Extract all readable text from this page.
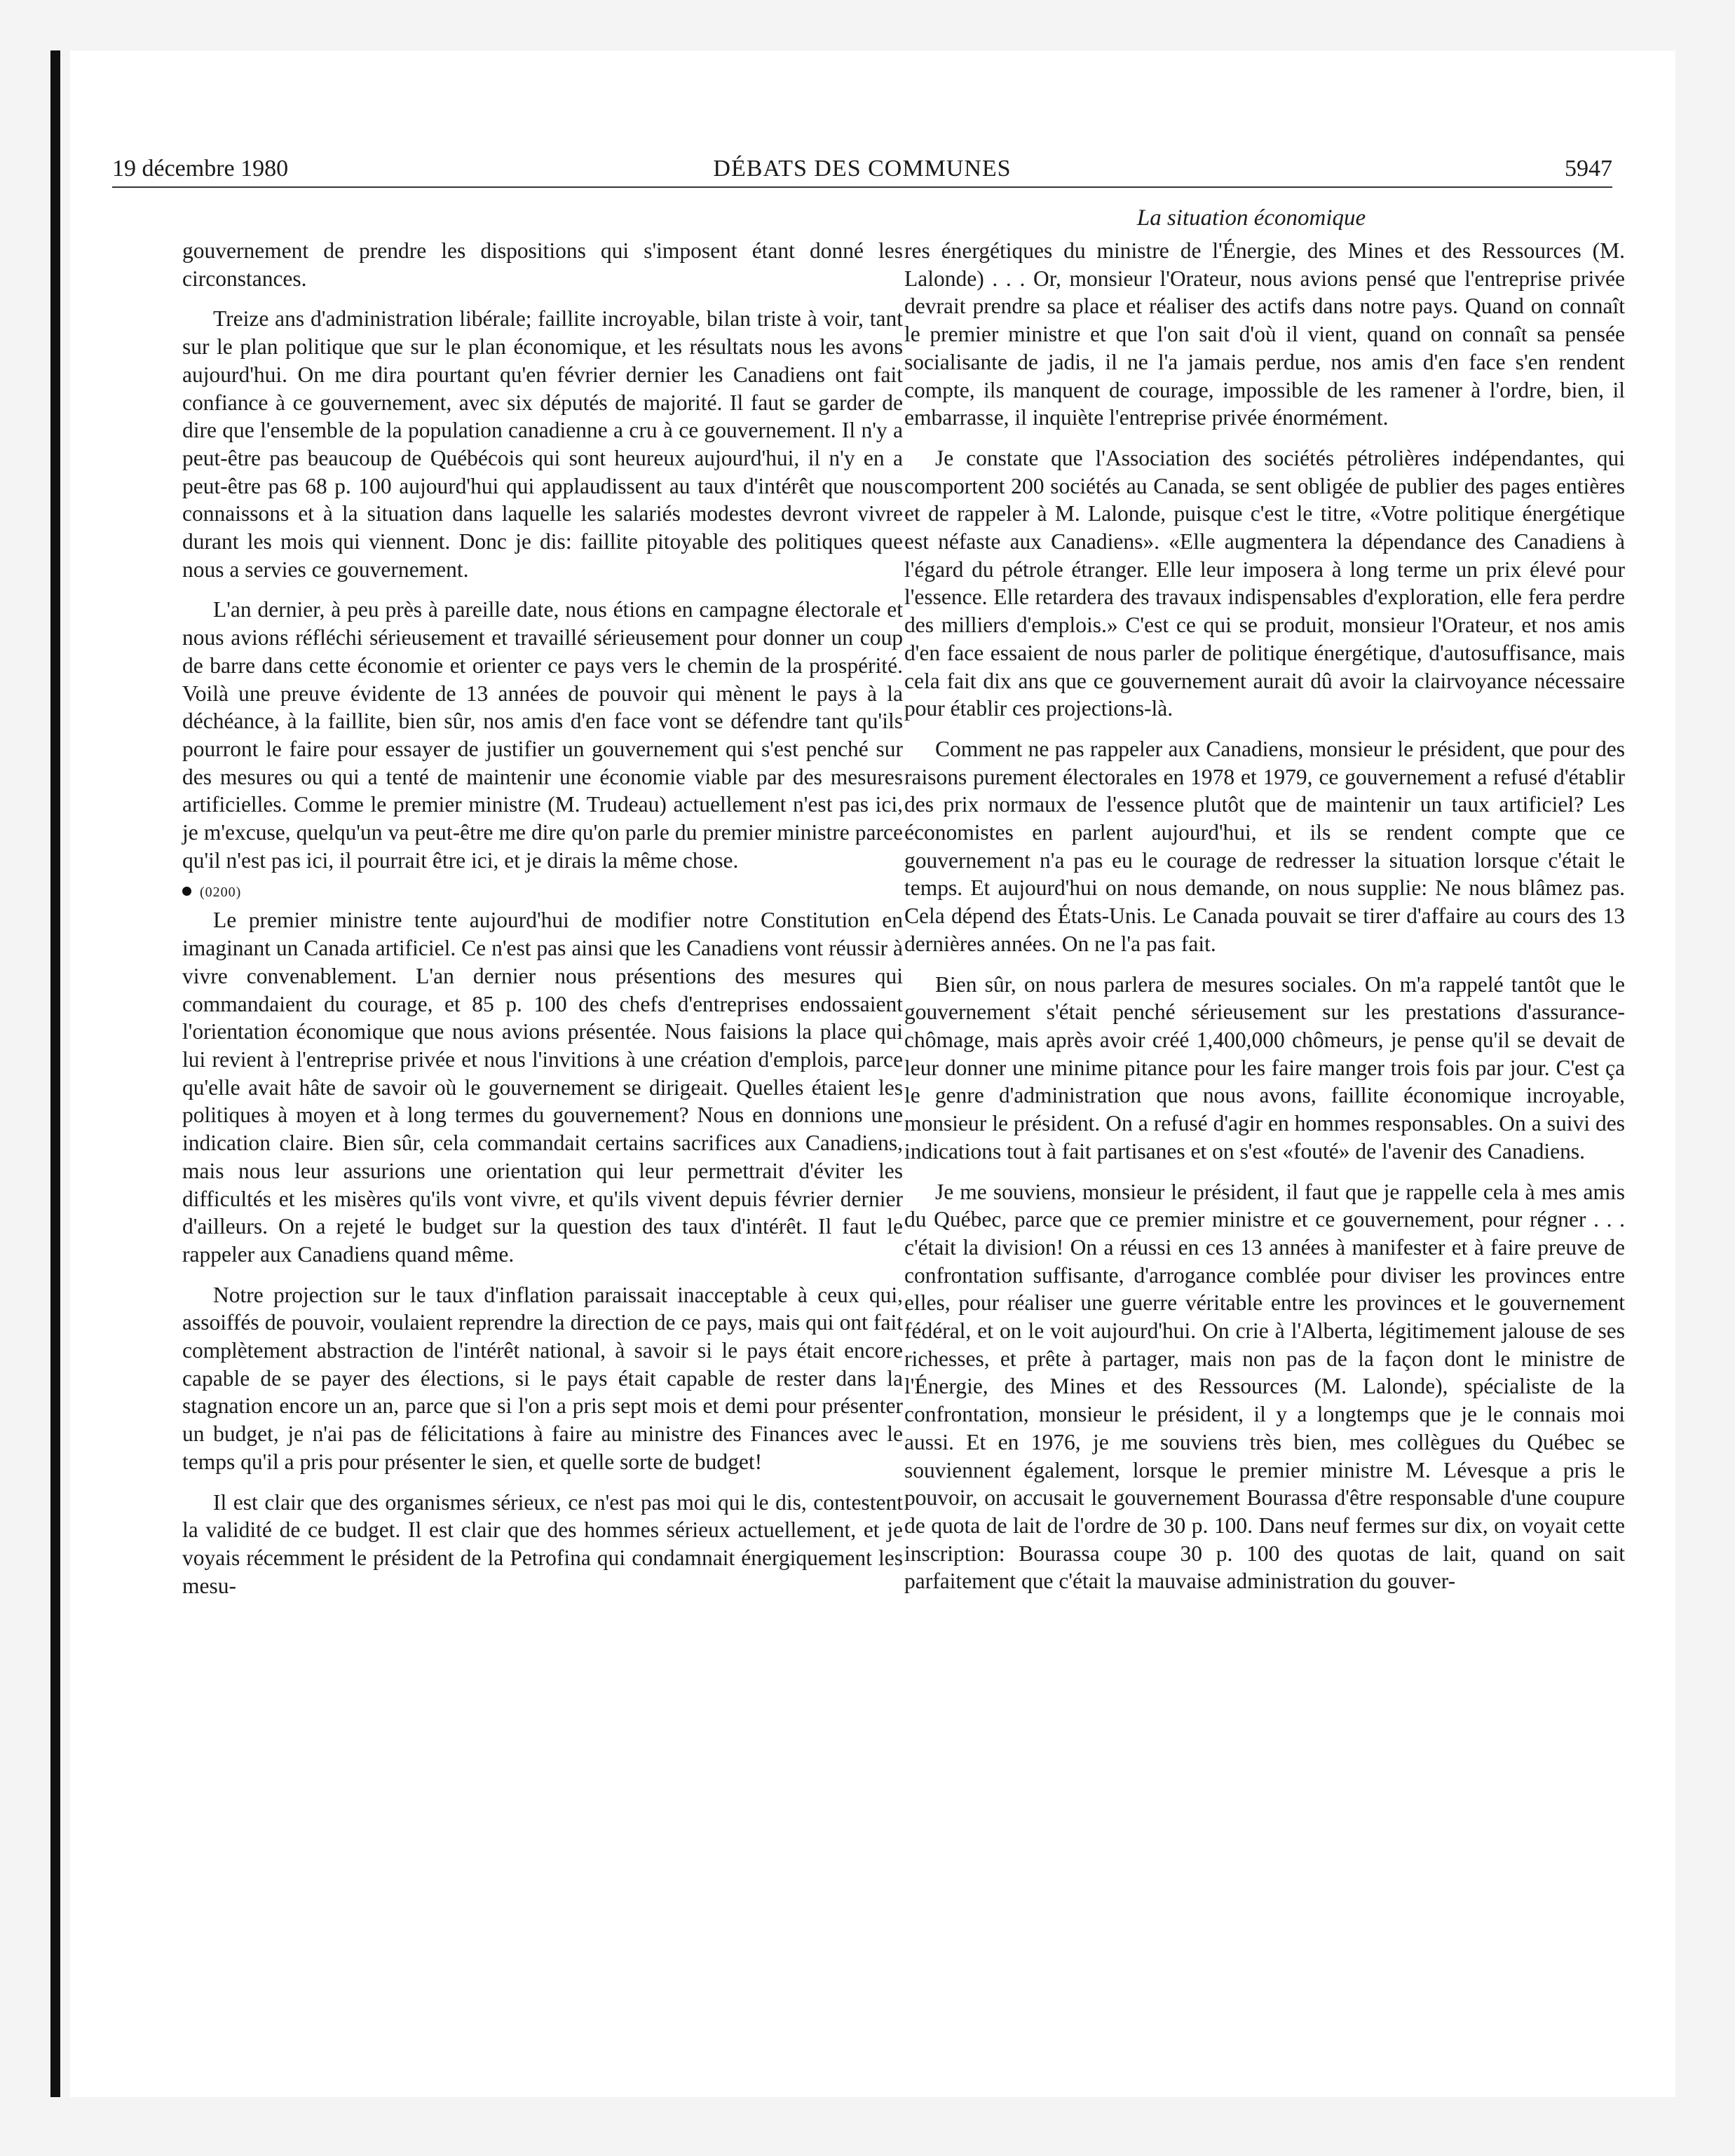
19 décembre 1980	DÉBATS DES COMMUNES	5947
La situation économique

gouvernement de prendre les dispositions qui s'imposent étant donné les circonstances.

Treize ans d'administration libérale; faillite incroyable, bilan triste à voir, tant sur le plan politique que sur le plan économique, et les résultats nous les avons aujourd'hui. On me dira pourtant qu'en février dernier les Canadiens ont fait confiance à ce gouvernement, avec six députés de majorité. Il faut se garder de dire que l'ensemble de la population canadienne a cru à ce gouvernement. Il n'y a peut-être pas beaucoup de Québécois qui sont heureux aujourd'hui, il n'y en a peut-être pas 68 p. 100 aujourd'hui qui applaudissent au taux d'intérêt que nous connaissons et à la situation dans laquelle les salariés modestes devront vivre durant les mois qui viennent. Donc je dis: faillite pitoyable des politiques que nous a servies ce gouvernement.

L'an dernier, à peu près à pareille date, nous étions en campagne électorale et nous avions réfléchi sérieusement et travaillé sérieusement pour donner un coup de barre dans cette économie et orienter ce pays vers le chemin de la prospérité. Voilà une preuve évidente de 13 années de pouvoir qui mènent le pays à la déchéance, à la faillite, bien sûr, nos amis d'en face vont se défendre tant qu'ils pourront le faire pour essayer de justifier un gouvernement qui s'est penché sur des mesures ou qui a tenté de maintenir une économie viable par des mesures artificielles. Comme le premier ministre (M. Trudeau) actuellement n'est pas ici, je m'excuse, quelqu'un va peut-être me dire qu'on parle du premier ministre parce qu'il n'est pas ici, il pourrait être ici, et je dirais la même chose.

(0200)

Le premier ministre tente aujourd'hui de modifier notre Constitution en imaginant un Canada artificiel. Ce n'est pas ainsi que les Canadiens vont réussir à vivre convenablement. L'an dernier nous présentions des mesures qui commandaient du courage, et 85 p. 100 des chefs d'entreprises endossaient l'orientation économique que nous avions présentée. Nous faisions la place qui lui revient à l'entreprise privée et nous l'invitions à une création d'emplois, parce qu'elle avait hâte de savoir où le gouvernement se dirigeait. Quelles étaient les politiques à moyen et à long termes du gouvernement? Nous en donnions une indication claire. Bien sûr, cela commandait certains sacrifices aux Canadiens, mais nous leur assurions une orientation qui leur permettrait d'éviter les difficultés et les misères qu'ils vont vivre, et qu'ils vivent depuis février dernier d'ailleurs. On a rejeté le budget sur la question des taux d'intérêt. Il faut le rappeler aux Canadiens quand même.

Notre projection sur le taux d'inflation paraissait inacceptable à ceux qui, assoiffés de pouvoir, voulaient reprendre la direction de ce pays, mais qui ont fait complètement abstraction de l'intérêt national, à savoir si le pays était encore capable de se payer des élections, si le pays était capable de rester dans la stagnation encore un an, parce que si l'on a pris sept mois et demi pour présenter un budget, je n'ai pas de félicitations à faire au ministre des Finances avec le temps qu'il a pris pour présenter le sien, et quelle sorte de budget!

Il est clair que des organismes sérieux, ce n'est pas moi qui le dis, contestent la validité de ce budget. Il est clair que des hommes sérieux actuellement, et je voyais récemment le président de la Petrofina qui condamnait énergiquement les mesu-

res énergétiques du ministre de l'Énergie, des Mines et des Ressources (M. Lalonde) . . . Or, monsieur l'Orateur, nous avions pensé que l'entreprise privée devrait prendre sa place et réaliser des actifs dans notre pays. Quand on connaît le premier ministre et que l'on sait d'où il vient, quand on connaît sa pensée socialisante de jadis, il ne l'a jamais perdue, nos amis d'en face s'en rendent compte, ils manquent de courage, impossible de les ramener à l'ordre, bien, il embarrasse, il inquiète l'entreprise privée énormément.

Je constate que l'Association des sociétés pétrolières indépendantes, qui comportent 200 sociétés au Canada, se sent obligée de publier des pages entières et de rappeler à M. Lalonde, puisque c'est le titre, «Votre politique énergétique est néfaste aux Canadiens». «Elle augmentera la dépendance des Canadiens à l'égard du pétrole étranger. Elle leur imposera à long terme un prix élevé pour l'essence. Elle retardera des travaux indispensables d'exploration, elle fera perdre des milliers d'emplois.» C'est ce qui se produit, monsieur l'Orateur, et nos amis d'en face essaient de nous parler de politique énergétique, d'autosuffisance, mais cela fait dix ans que ce gouvernement aurait dû avoir la clairvoyance nécessaire pour établir ces projections-là.

Comment ne pas rappeler aux Canadiens, monsieur le président, que pour des raisons purement électorales en 1978 et 1979, ce gouvernement a refusé d'établir des prix normaux de l'essence plutôt que de maintenir un taux artificiel? Les économistes en parlent aujourd'hui, et ils se rendent compte que ce gouvernement n'a pas eu le courage de redresser la situation lorsque c'était le temps. Et aujourd'hui on nous demande, on nous supplie: Ne nous blâmez pas. Cela dépend des États-Unis. Le Canada pouvait se tirer d'affaire au cours des 13 dernières années. On ne l'a pas fait.

Bien sûr, on nous parlera de mesures sociales. On m'a rappelé tantôt que le gouvernement s'était penché sérieusement sur les prestations d'assurance-chômage, mais après avoir créé 1,400,000 chômeurs, je pense qu'il se devait de leur donner une minime pitance pour les faire manger trois fois par jour. C'est ça le genre d'administration que nous avons, faillite économique incroyable, monsieur le président. On a refusé d'agir en hommes responsables. On a suivi des indications tout à fait partisanes et on s'est «fouté» de l'avenir des Canadiens.

Je me souviens, monsieur le président, il faut que je rappelle cela à mes amis du Québec, parce que ce premier ministre et ce gouvernement, pour régner . . . c'était la division! On a réussi en ces 13 années à manifester et à faire preuve de confrontation suffisante, d'arrogance comblée pour diviser les provinces entre elles, pour réaliser une guerre véritable entre les provinces et le gouvernement fédéral, et on le voit aujourd'hui. On crie à l'Alberta, légitimement jalouse de ses richesses, et prête à partager, mais non pas de la façon dont le ministre de l'Énergie, des Mines et des Ressources (M. Lalonde), spécialiste de la confrontation, monsieur le président, il y a longtemps que je le connais moi aussi. Et en 1976, je me souviens très bien, mes collègues du Québec se souviennent également, lorsque le premier ministre M. Lévesque a pris le pouvoir, on accusait le gouvernement Bourassa d'être responsable d'une coupure de quota de lait de l'ordre de 30 p. 100. Dans neuf fermes sur dix, on voyait cette inscription: Bourassa coupe 30 p. 100 des quotas de lait, quand on sait parfaitement que c'était la mauvaise administration du gouver-
